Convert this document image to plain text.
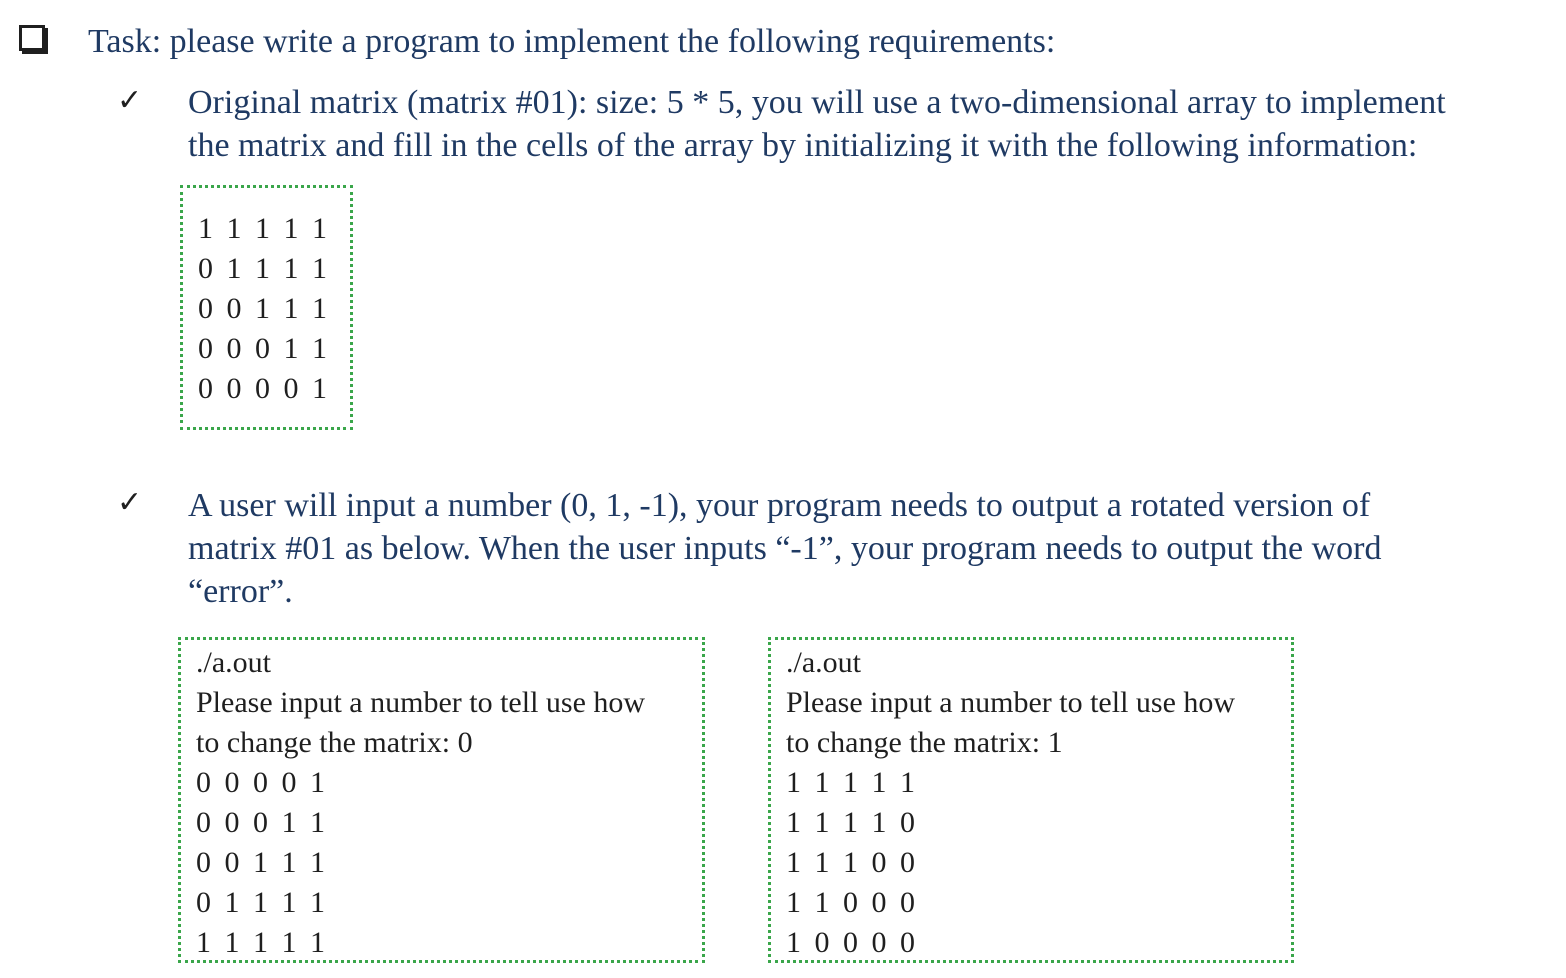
Task: please write a program to implement the following requirements:
✓ Original matrix (matrix #01): size: 5 * 5, you will use a two-dimensional array to implement
the matrix and fill in the cells of the array by initializing it with the following information:
1 1 1 1 1
0 1 1 1 1
0 0 1 1 1
0 0 0 1 1
0 0 0 0 1
✓ A user will input a number (0, 1, -1), your program needs to output a rotated version of
matrix #01 as below. When the user inputs “-1”, your program needs to output the word
“error”.
./a.out
Please input a number to tell use how
to change the matrix: 0
0 0 0 0 1
0 0 0 1 1
0 0 1 1 1
0 1 1 1 1
1 1 1 1 1
./a.out
Please input a number to tell use how
to change the matrix: 1
1 1 1 1 1
1 1 1 1 0
1 1 1 0 0
1 1 0 0 0
1 0 0 0 0
